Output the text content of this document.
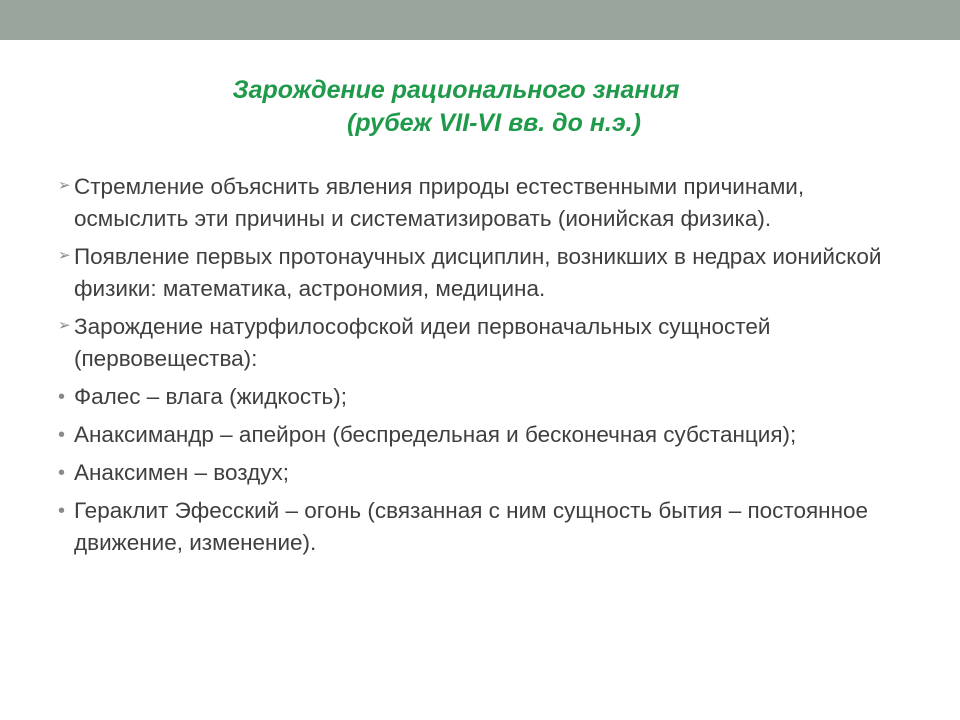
Зарождение рационального знания
(рубеж VII-VI вв. до н.э.)
➢ Стремление объяснить явления природы естественными причинами, осмыслить эти причины и систематизировать (ионийская физика).
➢ Появление первых протонаучных дисциплин, возникших в недрах ионийской физики: математика, астрономия, медицина.
➢ Зарождение натурфилософской идеи первоначальных сущностей (первовещества):
• Фалес – влага (жидкость);
• Анаксимандр – апейрон (беспредельная и бесконечная субстанция);
• Анаксимен – воздух;
• Гераклит Эфесский – огонь (связанная с ним сущность бытия – постоянное движение, изменение).
